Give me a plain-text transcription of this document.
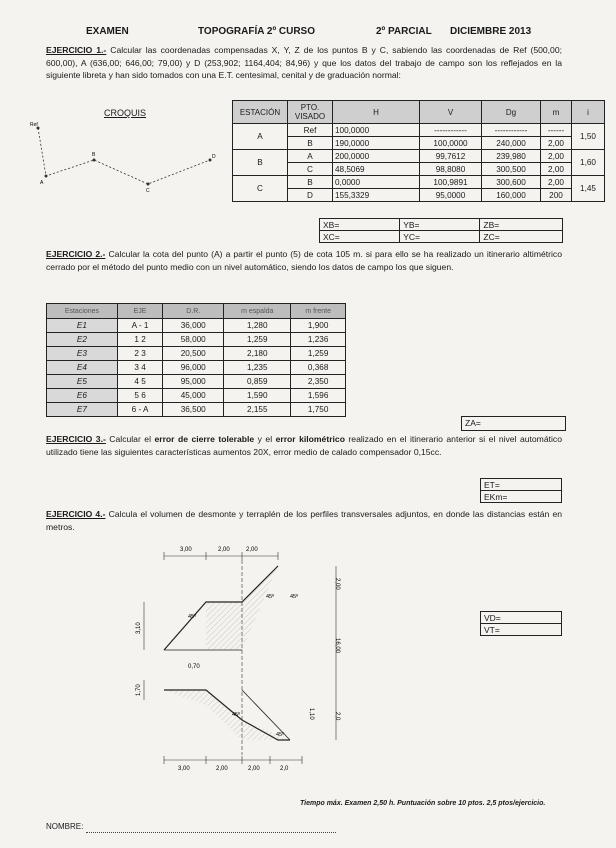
EXAMEN	TOPOGRAFÍA 2º CURSO	2º PARCIAL DICIEMBRE 2013
EJERCICIO 1.- Calcular las coordenadas compensadas X, Y, Z de los puntos B y C, sabiendo las coordenadas de Ref (500,00; 600,00), A (636,00; 646,00; 79,00) y D (253,902; 1164,404; 84,96) y que los datos del trabajo de campo son los reflejados en la siguiente libreta y han sido tomados con una E.T. centesimal, cenital y de graduación normal:
CROQUIS
Ref
A
B
C
D
ESTACIÓN	PTO. VISADO	H	V	Dg	m	i
A	Ref	100,0000	------------	------------	------	1,50
	B	190,0000	100,0000	240,000	2,00	
B	A	200,0000	99,7612	239,980	2,00	1,60
	C	48,5069	98,8080	300,500	2,00	
C	B	0,0000	100,9891	300,600	2,00	1,45
	D	155,3329	95,0000	160,000	200	
XB=	YB=	ZB=
XC=	YC=	ZC=
EJERCICIO 2.- Calcular la cota del punto (A) a partir el punto (5) de cota 105 m. si para ello se ha realizado un itinerario altimétrico cerrado por el método del punto medio con un nivel automático, siendo los datos de campo los que siguen.
Estaciones	EJE	D.R.	m espalda	m frente
E1	A - 1	36,000	1,280	1,900
E2	1 2	58,000	1,259	1,236
E3	2 3	20,500	2,180	1,259
E4	3 4	96,000	1,235	0,368
E5	4 5	95,000	0,859	2,350
E6	5 6	45,000	1,590	1,596
E7	6 - A	36,500	2,155	1,750
ZA=
EJERCICIO 3.- Calcular el error de cierre tolerable y el error kilométrico realizado en el itinerario anterior si el nivel automático utilizado tiene las siguientes características aumentos 20X, error medio de calado compensador 0,15cc.
ET=
EKm=
EJERCICIO 4.- Calcula el volumen de desmonte y terraplén de los perfiles transversales adjuntos, en donde las distancias están en metros.
VD=
VT=
3,00	2,00	2,00
45º
45º	45º
45º
45º
3,10
1,70
0,70
2,00
16,00
2,0
1,10
3,00	2,00	2,00	2,0
Tiempo máx. Examen 2,50 h. Puntuación sobre 10 ptos. 2,5 ptos/ejercicio.
NOMBRE:
